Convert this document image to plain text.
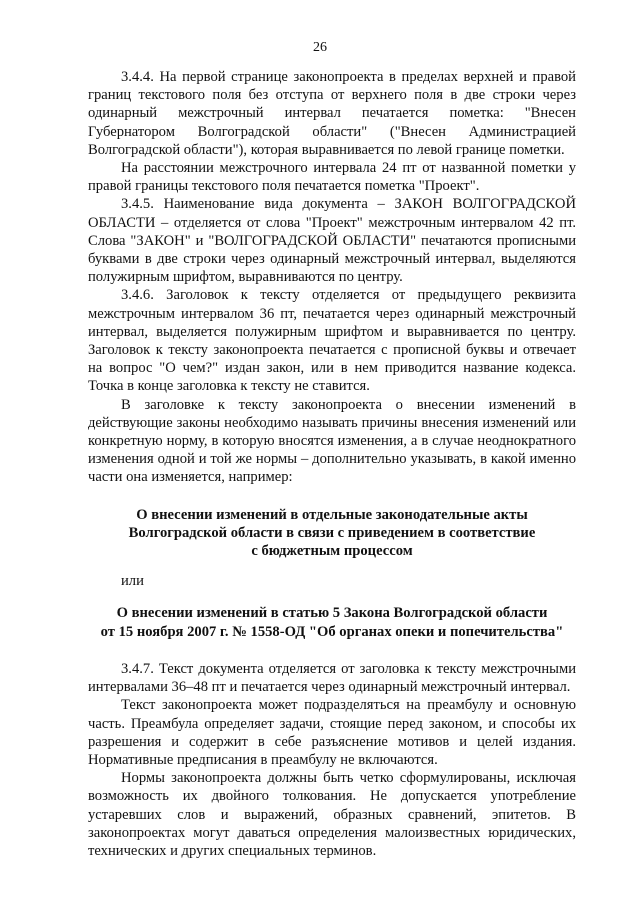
26

3.4.4. На первой странице законопроекта в пределах верхней и правой границ текстового поля без отступа от верхнего поля в две строки через одинарный межстрочный интервал печатается пометка: "Внесен Губернатором Волгоградской области" ("Внесен Администрацией Волгоградской области"), которая выравнивается по левой границе пометки.

На расстоянии межстрочного интервала 24 пт от названной пометки у правой границы текстового поля печатается пометка "Проект".

3.4.5. Наименование вида документа – ЗАКОН ВОЛГОГРАДСКОЙ ОБЛАСТИ – отделяется от слова "Проект" межстрочным интервалом 42 пт. Слова "ЗАКОН" и "ВОЛГОГРАДСКОЙ ОБЛАСТИ" печатаются прописными буквами в две строки через одинарный межстрочный интервал, выделяются полужирным шрифтом, выравниваются по центру.

3.4.6. Заголовок к тексту отделяется от предыдущего реквизита межстрочным интервалом 36 пт, печатается через одинарный межстрочный интервал, выделяется полужирным шрифтом и выравнивается по центру. Заголовок к тексту законопроекта печатается с прописной буквы и отвечает на вопрос "О чем?" издан закон, или в нем приводится название кодекса. Точка в конце заголовка к тексту не ставится.

В заголовке к тексту законопроекта о внесении изменений в действующие законы необходимо называть причины внесения изменений или конкретную норму, в которую вносятся изменения, а в случае неоднократного изменения одной и той же нормы – дополнительно указывать, в какой именно части она изменяется, например:

О внесении изменений в отдельные законодательные акты
Волгоградской области в связи с приведением в соответствие
с бюджетным процессом

или

О внесении изменений в статью 5 Закона Волгоградской области
от 15 ноября 2007 г. № 1558-ОД "Об органах опеки и попечительства"

3.4.7. Текст документа отделяется от заголовка к тексту межстрочными интервалами 36–48 пт и печатается через одинарный межстрочный интервал.

Текст законопроекта может подразделяться на преамбулу и основную часть. Преамбула определяет задачи, стоящие перед законом, и способы их разрешения и содержит в себе разъяснение мотивов и целей издания. Нормативные предписания в преамбулу не включаются.

Нормы законопроекта должны быть четко сформулированы, исключая возможность их двойного толкования. Не допускается употребление устаревших слов и выражений, образных сравнений, эпитетов. В законопроектах могут даваться определения малоизвестных юридических, технических и других специальных терминов.
